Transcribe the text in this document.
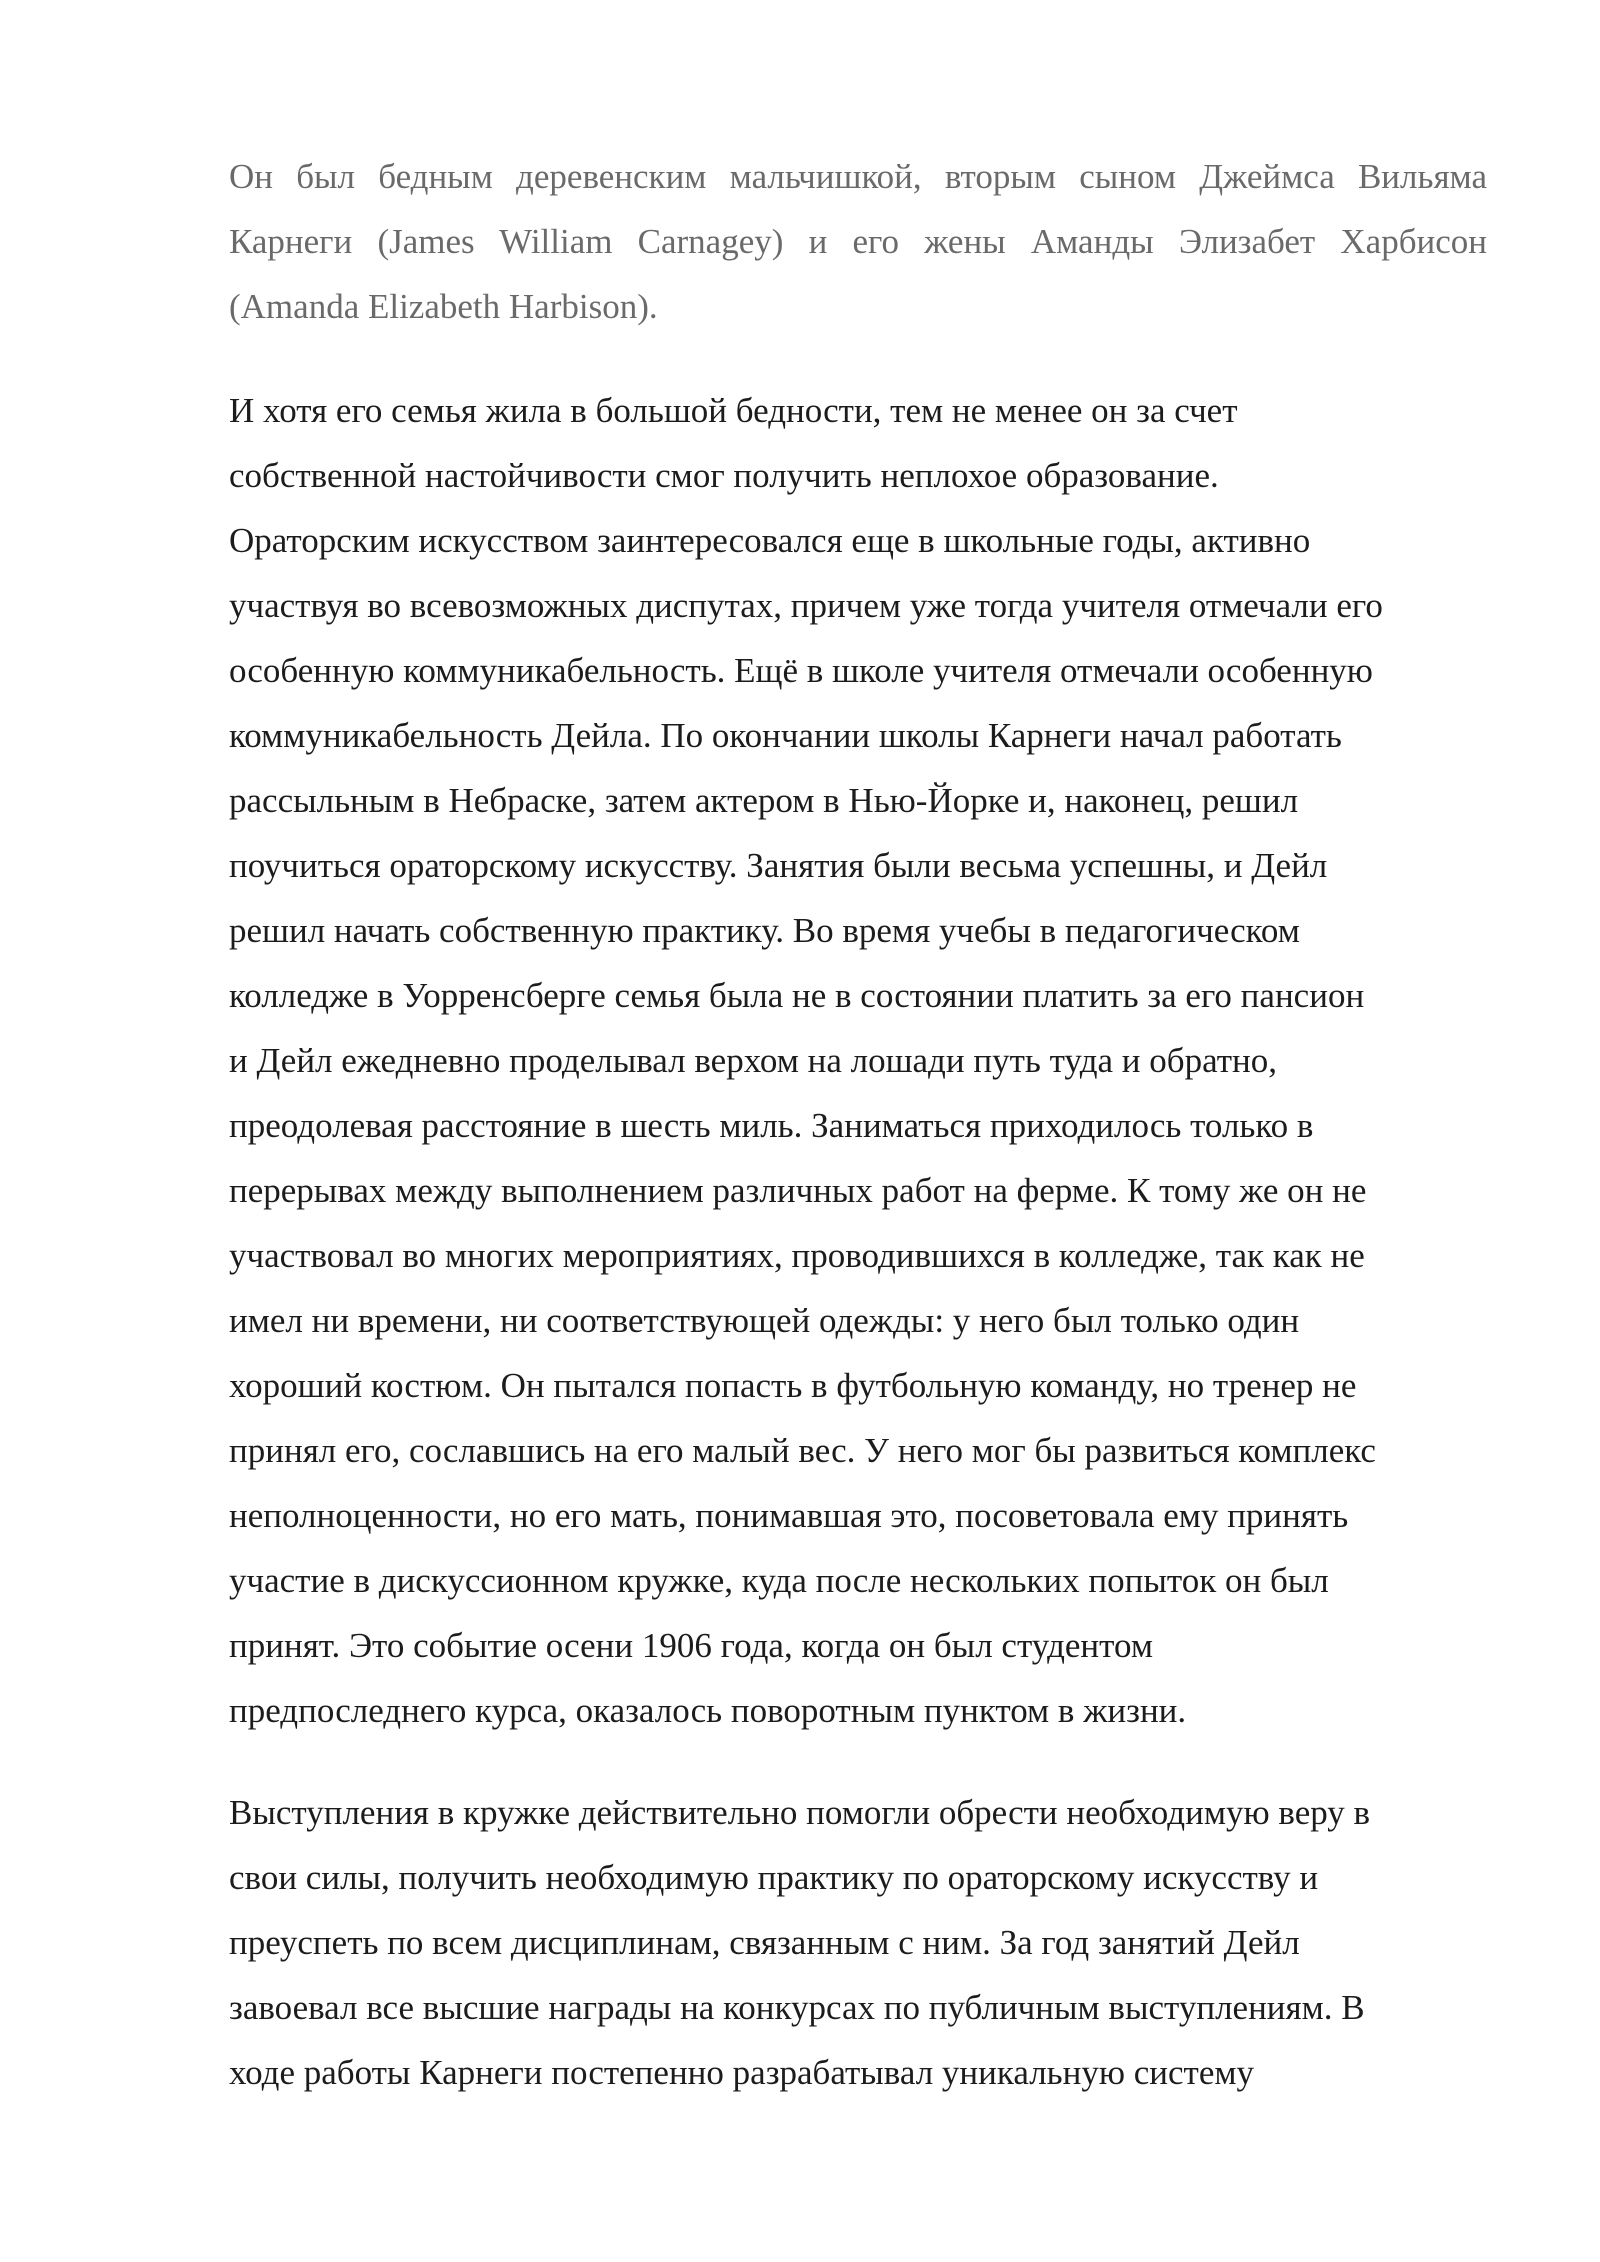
Он был бедным деревенским мальчишкой, вторым сыном Джеймса Вильяма
Карнеги (James William Carnagey) и его жены Аманды Элизабет Харбисон
(Amanda Elizabeth Harbison).

И хотя его семья жила в большой бедности, тем не менее он за счет
собственной настойчивости смог получить неплохое образование.
Ораторским искусством заинтересовался еще в школьные годы, активно
участвуя во всевозможных диспутах, причем уже тогда учителя отмечали его
особенную коммуникабельность. Ещё в школе учителя отмечали особенную
коммуникабельность Дейла. По окончании школы Карнеги начал работать
рассыльным в Небраске, затем актером в Нью-Йорке и, наконец, решил
поучиться ораторскому искусству. Занятия были весьма успешны, и Дейл
решил начать собственную практику. Во время учебы в педагогическом
колледже в Уорренсберге семья была не в состоянии платить за его пансион
и Дейл ежедневно проделывал верхом на лошади путь туда и обратно,
преодолевая расстояние в шесть миль. Заниматься приходилось только в
перерывах между выполнением различных работ на ферме. К тому же он не
участвовал во многих мероприятиях, проводившихся в колледже, так как не
имел ни времени, ни соответствующей одежды: у него был только один
хороший костюм. Он пытался попасть в футбольную команду, но тренер не
принял его, сославшись на его малый вес. У него мог бы развиться комплекс
неполноценности, но его мать, понимавшая это, посоветовала ему принять
участие в дискуссионном кружке, куда после нескольких попыток он был
принят. Это событие осени 1906 года, когда он был студентом
предпоследнего курса, оказалось поворотным пунктом в жизни.

Выступления в кружке действительно помогли обрести необходимую веру в
свои силы, получить необходимую практику по ораторскому искусству и
преуспеть по всем дисциплинам, связанным с ним. За год занятий Дейл
завоевал все высшие награды на конкурсах по публичным выступлениям. В
ходе работы Карнеги постепенно разрабатывал уникальную систему
